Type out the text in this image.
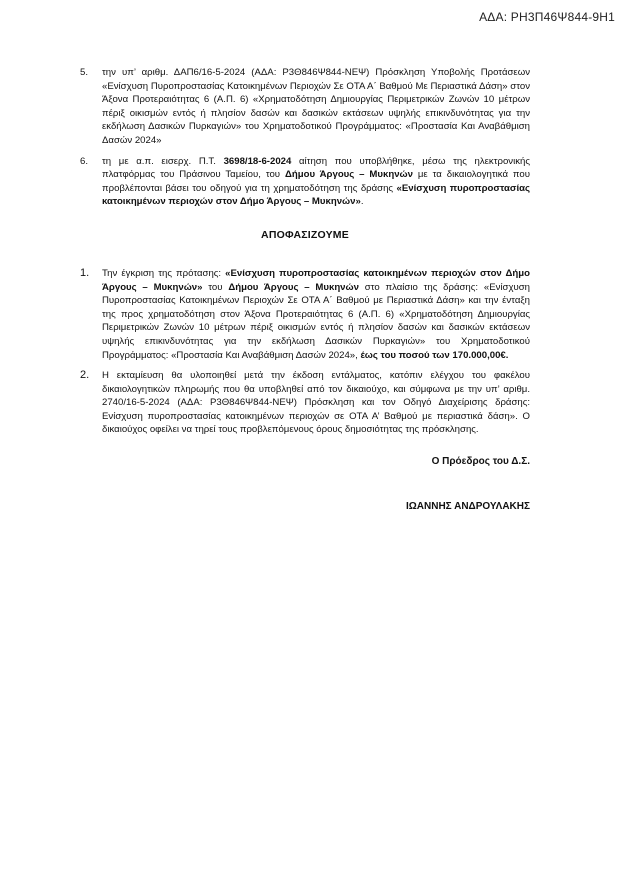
ΑΔΑ: ΡΗ3Π46Ψ844-9Η1
5.	την υπ’ αριθμ. ΔΑΠ6/16-5-2024 (ΑΔΑ: Ρ3Θ846Ψ844-ΝΕΨ) Πρόσκληση Υποβολής Προτάσεων «Ενίσχυση Πυροπροστασίας Κατοικημένων Περιοχών Σε ΟΤΑ Α΄ Βαθμού Με Περιαστικά Δάση» στον Άξονα Προτεραιότητας 6 (Α.Π. 6) «Χρηματοδότηση Δημιουργίας Περιμετρικών Ζωνών 10 μέτρων πέριξ οικισμών εντός ή πλησίον δασών και δασικών εκτάσεων υψηλής επικινδυνότητας για την εκδήλωση Δασικών Πυρκαγιών» του Χρηματοδοτικού Προγράμματος: «Προστασία Και Αναβάθμιση Δασών 2024»
6.	τη με α.π. εισερχ. Π.Τ. 3698/18-6-2024 αίτηση που υποβλήθηκε, μέσω της ηλεκτρονικής πλατφόρμας του Πράσινου Ταμείου, του Δήμου Άργους – Μυκηνών με τα δικαιολογητικά που προβλέπονται βάσει του οδηγού για τη χρηματοδότηση της δράσης «Ενίσχυση πυροπροστασίας κατοικημένων περιοχών στον Δήμο Άργους – Μυκηνών».
ΑΠΟΦΑΣΙΖΟΥΜΕ
1.	Την έγκριση της πρότασης: «Ενίσχυση πυροπροστασίας κατοικημένων περιοχών στον Δήμο Άργους – Μυκηνών» του Δήμου Άργους – Μυκηνών στο πλαίσιο της δράσης: «Ενίσχυση Πυροπροστασίας Κατοικημένων Περιοχών Σε ΟΤΑ Α΄ Βαθμού με Περιαστικά Δάση» και την ένταξη της προς χρηματοδότηση στον Άξονα Προτεραιότητας 6 (Α.Π. 6) «Χρηματοδότηση Δημιουργίας Περιμετρικών Ζωνών 10 μέτρων πέριξ οικισμών εντός ή πλησίον δασών και δασικών εκτάσεων υψηλής επικινδυνότητας για την εκδήλωση Δασικών Πυρκαγιών» του Χρηματοδοτικού Προγράμματος: «Προστασία Και Αναβάθμιση Δασών 2024», έως του ποσού των 170.000,00€.
2.	Η εκταμίευση θα υλοποιηθεί μετά την έκδοση εντάλματος, κατόπιν ελέγχου του φακέλου δικαιολογητικών πληρωμής που θα υποβληθεί από τον δικαιούχο, και σύμφωνα με την υπ’ αριθμ. 2740/16-5-2024 (ΑΔΑ: Ρ3Θ846Ψ844-ΝΕΨ) Πρόσκληση και τον Οδηγό Διαχείρισης δράσης: Ενίσχυση πυροπροστασίας κατοικημένων περιοχών σε ΟΤΑ Α’ Βαθμού με περιαστικά δάση». Ο δικαιούχος οφείλει να τηρεί τους προβλεπόμενους όρους δημοσιότητας της πρόσκλησης.
Ο Πρόεδρος του Δ.Σ.
ΙΩΑΝΝΗΣ ΑΝΔΡΟΥΛΑΚΗΣ
